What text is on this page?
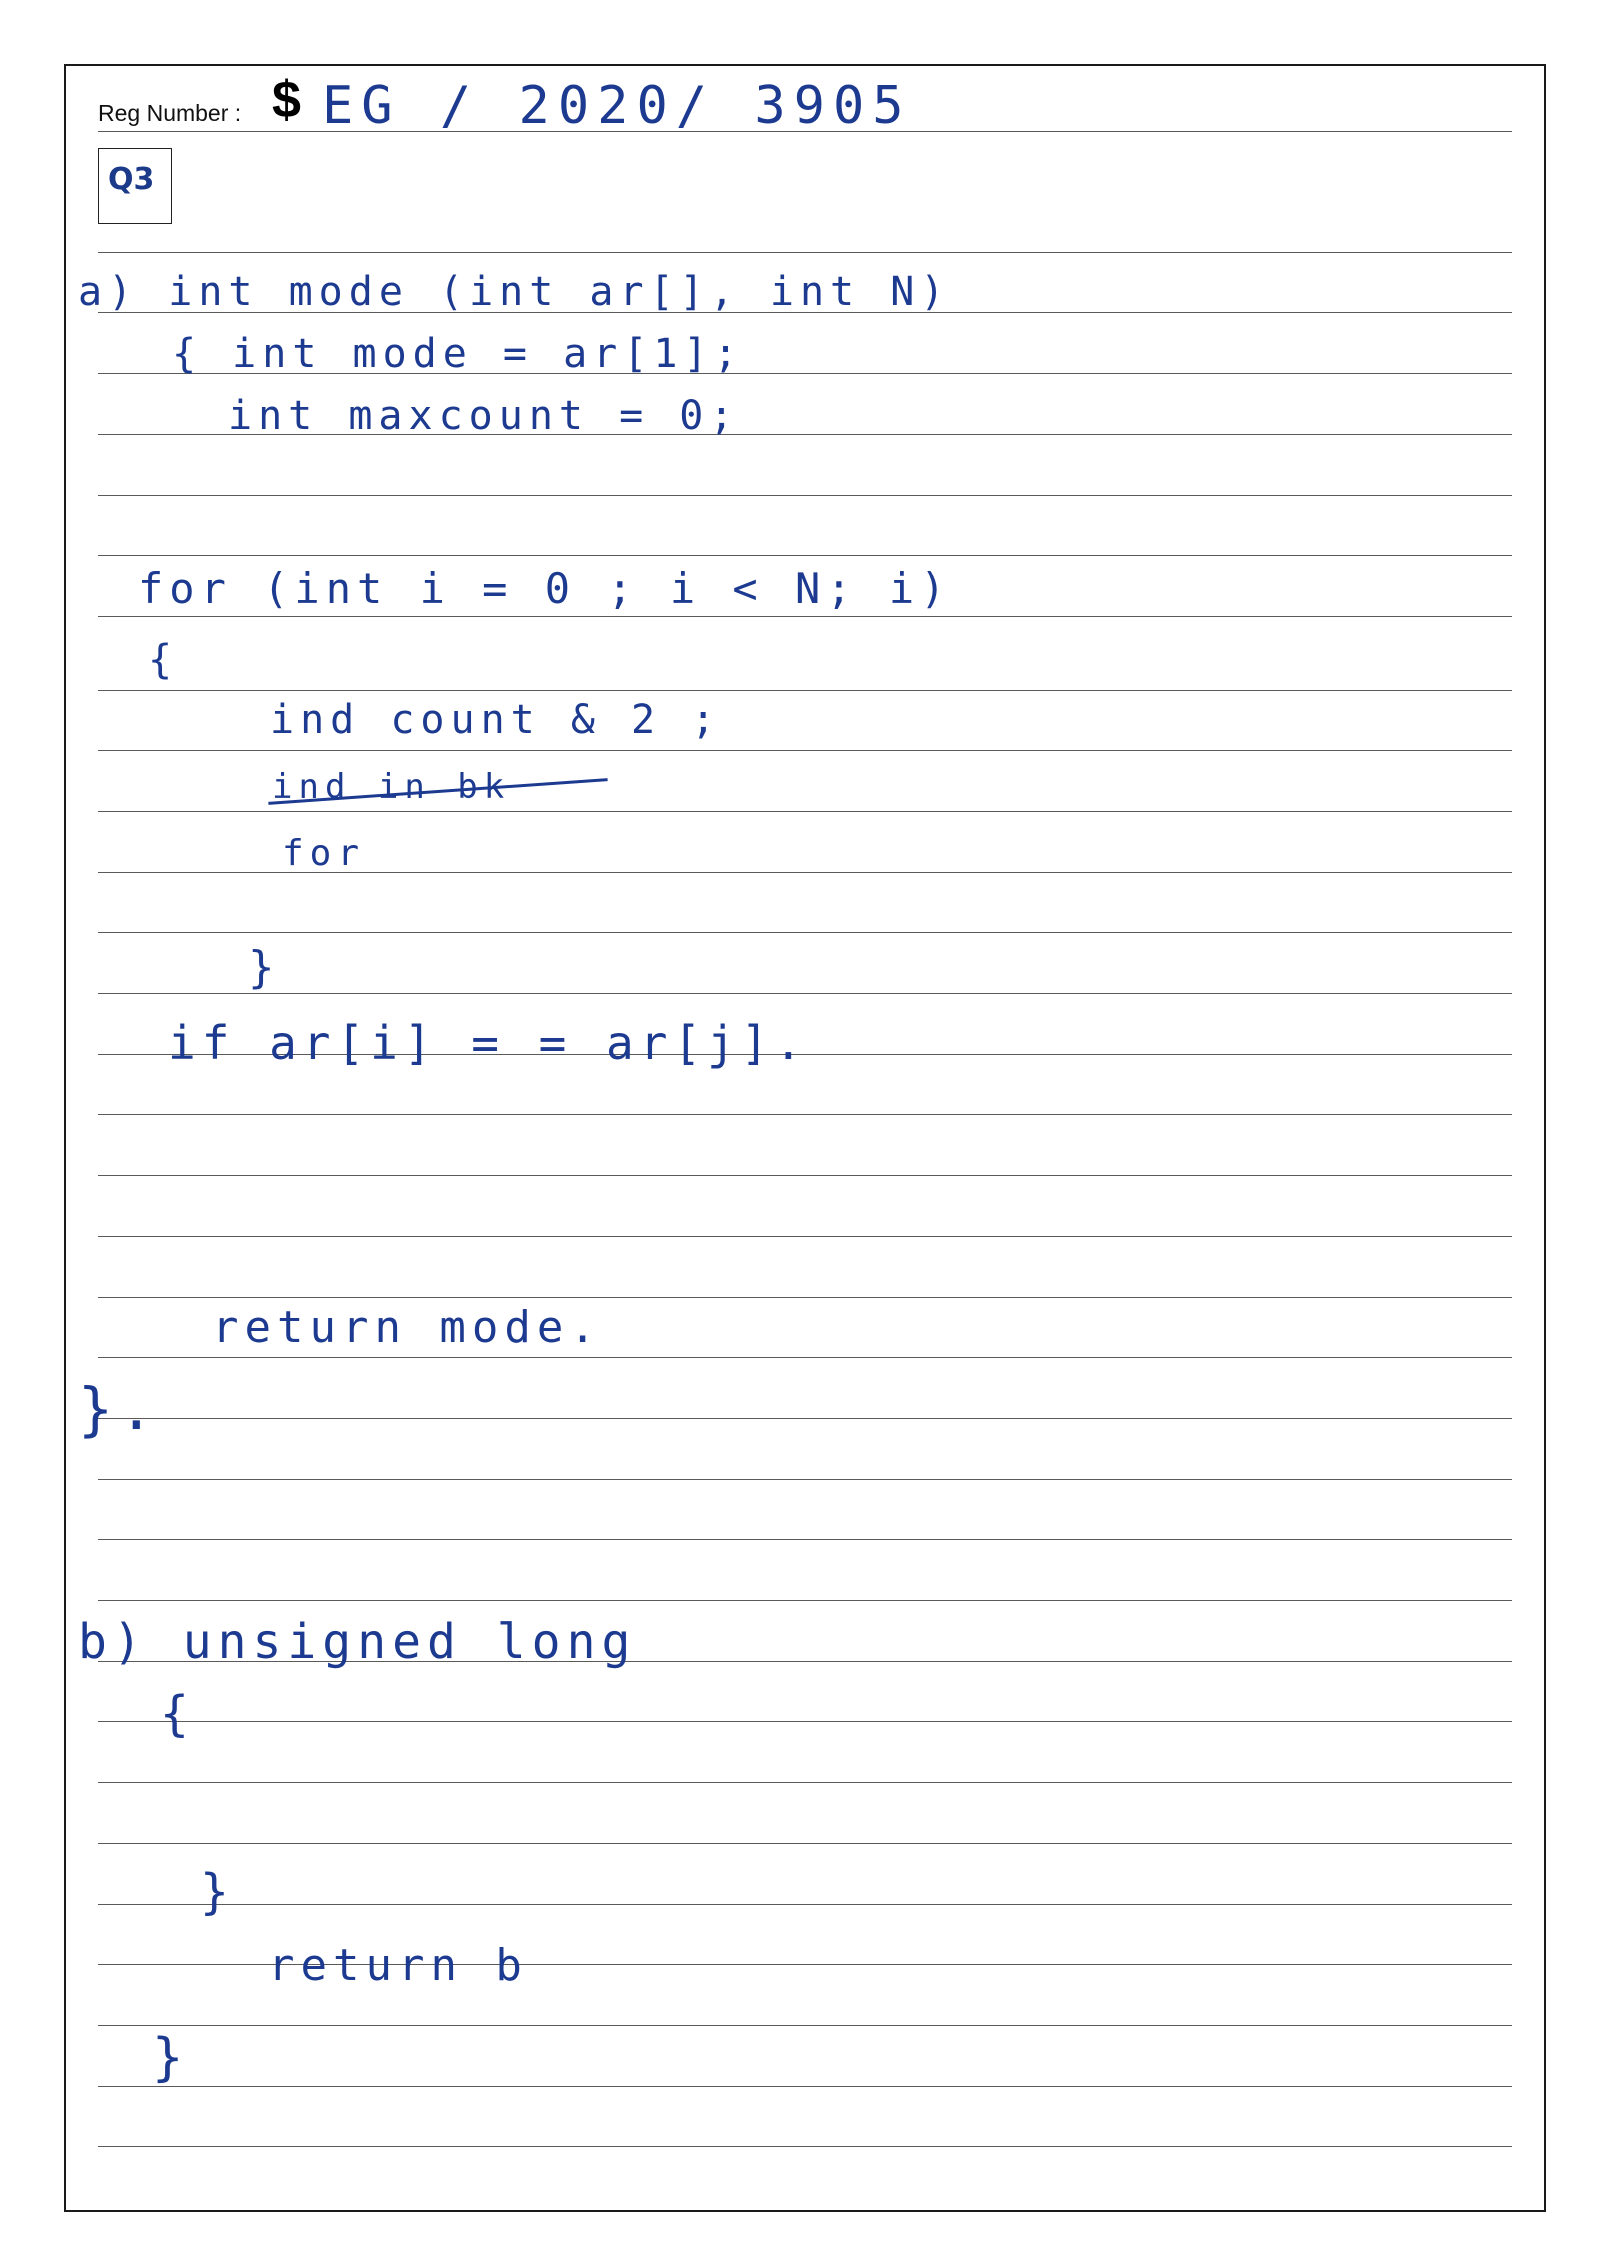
Reg Number : $ EG / 2020/ 3905
Q3
a) int mode (int ar[], int N)
{ int mode = ar[1];
int maxcount = 0;
for (int i = 0 ; i < N; i)
{
ind count & 2 ;
ind in bk
for
}
if ar[i] = = ar[j].
return mode.
}.
b) unsigned long
{
}
return b
}
